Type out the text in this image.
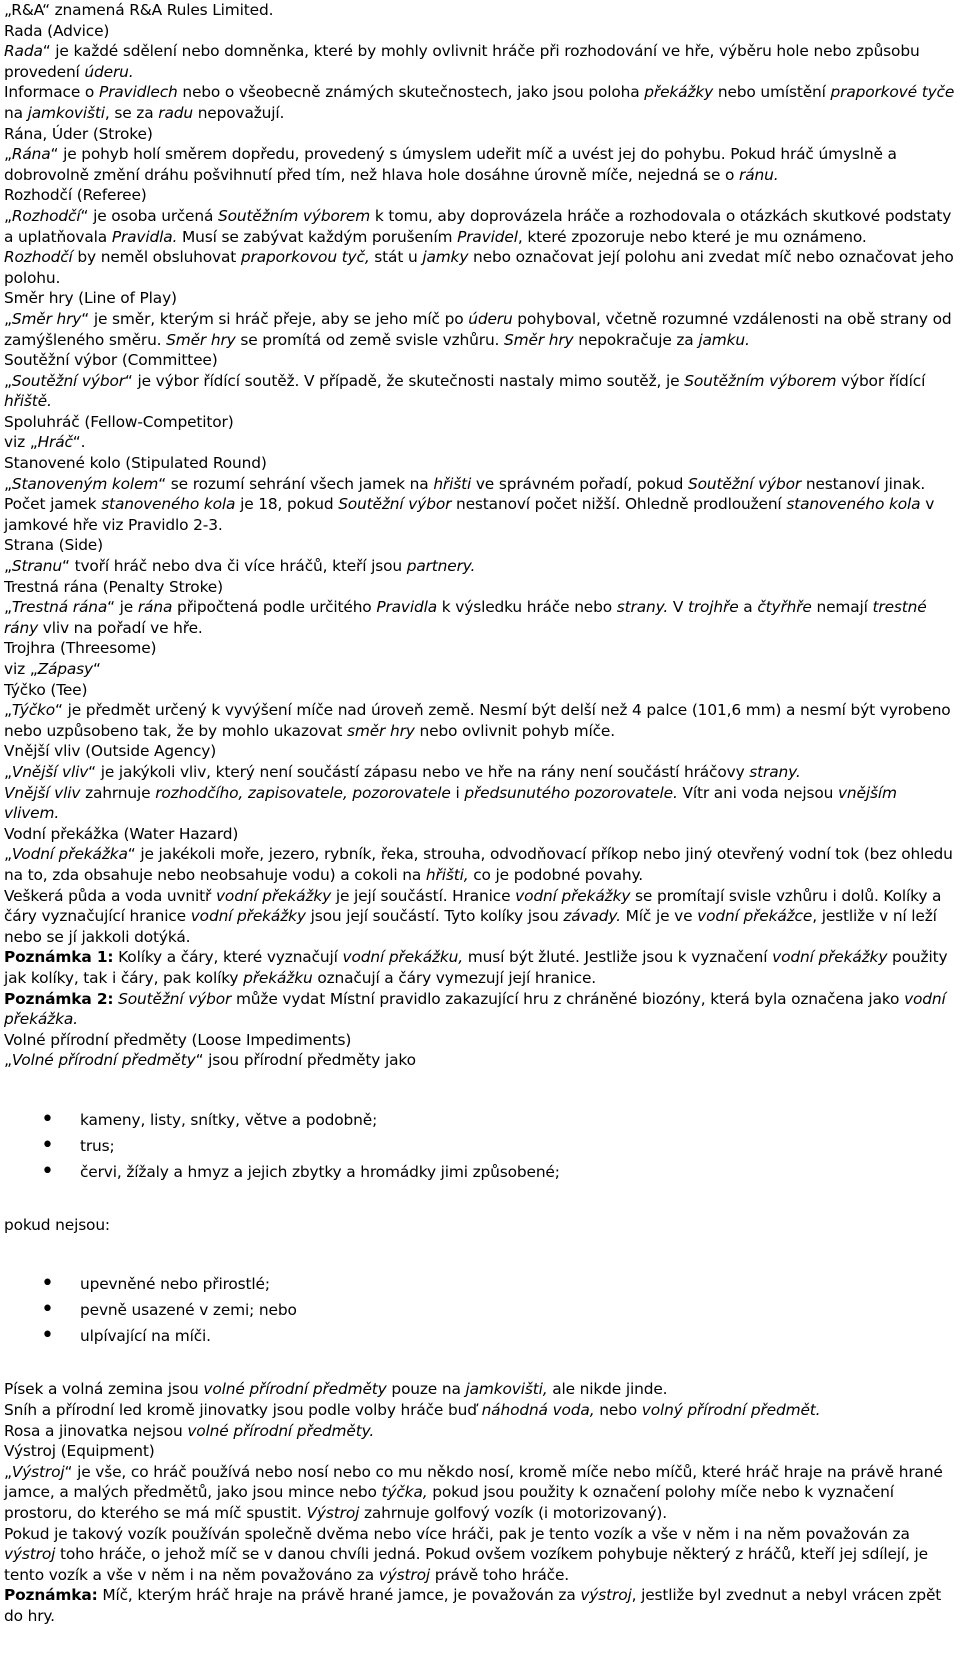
„R&A“ znamená R&A Rules Limited.

Rada (Advice)

Rada“ je každé sdělení nebo domněnka, které by mohly ovlivnit hráče při rozhodování ve hře, výběru hole nebo způsobu provedení úderu.

Informace o Pravidlech nebo o všeobecně známých skutečnostech, jako jsou poloha překážky nebo umístění praporkové tyče na jamkovišti, se za radu nepovažují.

Rána, Úder (Stroke)

„Rána“ je pohyb holí směrem dopředu, provedený s úmyslem udeřit míč a uvést jej do pohybu. Pokud hráč úmyslně a dobrovolně změní dráhu pošvihnutí před tím, než hlava hole dosáhne úrovně míče, nejedná se o ránu.

Rozhodčí (Referee)

„Rozhodčí“ je osoba určená Soutěžním výborem k tomu, aby doprovázela hráče a rozhodovala o otázkách skutkové podstaty a uplatňovala Pravidla. Musí se zabývat každým porušením Pravidel, které zpozoruje nebo které je mu oznámeno.

Rozhodčí by neměl obsluhovat praporkovou tyč, stát u jamky nebo označovat její polohu ani zvedat míč nebo označovat jeho polohu.

Směr hry (Line of Play)

„Směr hry“ je směr, kterým si hráč přeje, aby se jeho míč po úderu pohyboval, včetně rozumné vzdálenosti na obě strany od zamýšleného směru. Směr hry se promítá od země svisle vzhůru. Směr hry nepokračuje za jamku.

Soutěžní výbor (Committee)

„Soutěžní výbor“ je výbor řídící soutěž. V případě, že skutečnosti nastaly mimo soutěž, je Soutěžním výborem výbor řídící hřiště.

Spoluhráč (Fellow-Competitor)

viz „Hráč“.

Stanovené kolo (Stipulated Round)

„Stanoveným kolem“ se rozumí sehrání všech jamek na hřišti ve správném pořadí, pokud Soutěžní výbor nestanoví jinak. Počet jamek stanoveného kola je 18, pokud Soutěžní výbor nestanoví počet nižší. Ohledně prodloužení stanoveného kola v jamkové hře viz Pravidlo 2-3.

Strana (Side)

„Stranu“ tvoří hráč nebo dva či více hráčů, kteří jsou partnery.

Trestná rána (Penalty Stroke)

„Trestná rána“ je rána připočtená podle určitého Pravidla k výsledku hráče nebo strany. V trojhře a čtyřhře nemají trestné rány vliv na pořadí ve hře.

Trojhra (Threesome)

viz „Zápasy“

Týčko (Tee)

„Týčko“ je předmět určený k vyvýšení míče nad úroveň země. Nesmí být delší než 4 palce (101,6 mm) a nesmí být vyrobeno nebo uzpůsobeno tak, že by mohlo ukazovat směr hry nebo ovlivnit pohyb míče.

Vnější vliv (Outside Agency)

„Vnější vliv“ je jakýkoli vliv, který není součástí zápasu nebo ve hře na rány není součástí hráčovy strany.

Vnější vliv zahrnuje rozhodčího, zapisovatele, pozorovatele i předsunutého pozorovatele. Vítr ani voda nejsou vnějším vlivem.

Vodní překážka (Water Hazard)

„Vodní překážka“ je jakékoli moře, jezero, rybník, řeka, strouha, odvodňovací příkop nebo jiný otevřený vodní tok (bez ohledu na to, zda obsahuje nebo neobsahuje vodu) a cokoli na hřišti, co je podobné povahy.

Veškerá půda a voda uvnitř vodní překážky je její součástí. Hranice vodní překážky se promítají svisle vzhůru i dolů. Kolíky a čáry vyznačující hranice vodní překážky jsou její součástí. Tyto kolíky jsou závady. Míč je ve vodní překážce, jestliže v ní leží nebo se jí jakkoli dotýká.

Poznámka 1: Kolíky a čáry, které vyznačují vodní překážku, musí být žluté. Jestliže jsou k vyznačení vodní překážky použity jak kolíky, tak i čáry, pak kolíky překážku označují a čáry vymezují její hranice.

Poznámka 2: Soutěžní výbor může vydat Místní pravidlo zakazující hru z chráněné biozóny, která byla označena jako vodní překážka.

Volné přírodní předměty (Loose Impediments)

„Volné přírodní předměty“ jsou přírodní předměty jako

• kameny, listy, snítky, větve a podobně;
• trus;
• červi, žížaly a hmyz a jejich zbytky a hromádky jimi způsobené;

pokud nejsou:

• upevněné nebo přirostlé;
• pevně usazené v zemi; nebo
• ulpívající na míči.

Písek a volná zemina jsou volné přírodní předměty pouze na jamkovišti, ale nikde jinde.

Sníh a přírodní led kromě jinovatky jsou podle volby hráče buď náhodná voda, nebo volný přírodní předmět.

Rosa a jinovatka nejsou volné přírodní předměty.

Výstroj (Equipment)

„Výstroj“ je vše, co hráč používá nebo nosí nebo co mu někdo nosí, kromě míče nebo míčů, které hráč hraje na právě hrané jamce, a malých předmětů, jako jsou mince nebo týčka, pokud jsou použity k označení polohy míče nebo k vyznačení prostoru, do kterého se má míč spustit. Výstroj zahrnuje golfový vozík (i motorizovaný).

Pokud je takový vozík používán společně dvěma nebo více hráči, pak je tento vozík a vše v něm i na něm považován za výstroj toho hráče, o jehož míč se v danou chvíli jedná. Pokud ovšem vozíkem pohybuje některý z hráčů, kteří jej sdílejí, je tento vozík a vše v něm i na něm považováno za výstroj právě toho hráče.

Poznámka: Míč, kterým hráč hraje na právě hrané jamce, je považován za výstroj, jestliže byl zvednut a nebyl vrácen zpět do hry.
